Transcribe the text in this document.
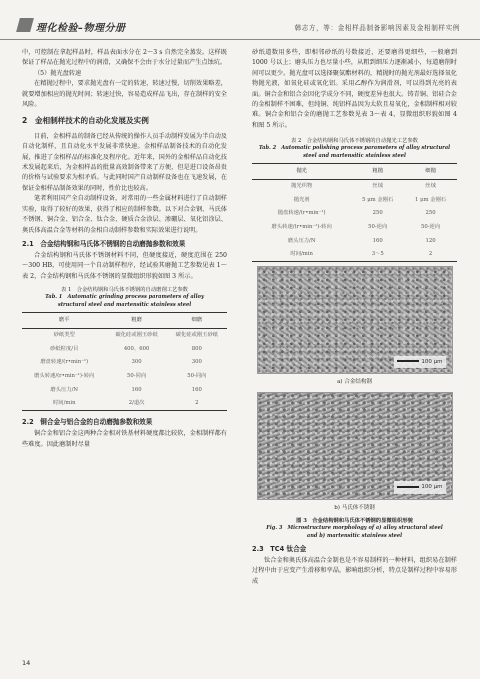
理化检验–物理分册	韩志方，等：金相样品制备影响因素及金相制样实例

中，可控制在拿起样品时，样品表面水分在 2～3 s 自然完全蒸发。这样既保证了样品在抛光过程中的润滑，又确保不会由于水分过量而产生点蚀坑。

（5）抛光盘转速

在精抛过程中，要求抛光盘有一定的转速，转速过慢，切削效果略差，就要增加相应的抛光时间；转速过快，容易造成样品飞出，存在制样的安全风险。

2　金相制样技术的自动化发展及实例

目前，金相样品的制备已经从传统的操作人员手动制样发展为半自动及自动化制样，且自动化水平发展非常快速。金相样品制备技术的自动化发展，推进了金相样品的标准化及程序化。近年来，国外的金相样品自动化技术发展起来后，为金相样品的批量高效制备带来了方便，但是进口设备昂贵的价格与试验要求为相矛盾。与此同时国产自动制样设备也在飞速发展，在保证金相样品制备效果的同时，性价比也较高。

笔者利用国产全自动制样设备，对常用的一些金属材料进行了自动制样实验，取得了较好的效果，获得了相应的制样参数。以下对合金钢、马氏体不锈钢、铜合金、铝合金、钛合金、硬质合金涂层、渗硼层、氧化铝涂层、奥氏体高温合金等材料的金相自动制样参数和实际效果进行说明。

2.1　合金结构钢和马氏体不锈钢的自动磨抛参数和效果

合金结构钢和马氏体不锈钢材料不同，但硬度接近，硬度范围在 250～300 HB，可使用同一个自动制样程序，经试验其磨抛工艺参数见表 1～表 2，合金结构钢和马氏体不锈钢的显微组织形貌如图 3 所示。

表 1　合金结构钢和马氏体不锈钢的自动磨削工艺参数
Tab. 1　Automatic grinding process parameters of alloy
structural steel and martensitic stainless steel
磨平	粗磨	细磨
砂纸类型	碳化硅或刚玉砂纸	碳化硅或刚玉砂纸
砂纸粒度/目	400、600	800
磨盘转速/(r•min⁻¹)	300	300
磨头转速/(r•min⁻¹)-转向	50-同向	50-同向
磨头压力/N	160	160
时间/min	2/道次	2
2.2　铜合金与铝合金的自动磨抛参数和效果

铜合金和铝合金这两种合金相对铁基材料硬度都比较软，金相制样都有些难度。因此磨制时尽量

砂纸道数用多些，即相邻砂纸的号数接近，还要磨得更细些，一般磨到 1000 号以上；磨头压力也尽量小些，从粗到细压力逐渐减小，每道磨削时间可以更少。抛光盘可以选择聚氨酯材料的，精抛时的抛光剂最好选择氧化物抛光液，如氧化硅或氧化铝。采用乙醇作为润滑剂，可以得到光亮的表面。铜合金和铝合金因化学成分不同，硬度差异也很大。铸青铜、铝硅合金的金相制样不困难，但纯铜、纯铝样品因为太软且易氧化，金相制样相对较难。铜合金和铝合金的磨抛工艺参数见表 3～表 4，显微组织形貌如图 4 和图 5 所示。

表 2　合金结构钢和马氏体不锈钢的自动抛光工艺参数
Tab. 2　Automatic polishing process parameters of alloy structural
steel and martensitic stainless steel
抛光	粗抛	细抛
抛光织物	丝绒	丝绒
抛光剂	5 μm 金刚石	1 μm 金刚石
抛盘转速/(r•min⁻¹)	250	250
磨头转速/(r•min⁻¹)-转向	50-逆向	50-逆向
磨头压力/N	160	120
时间/min	3～5	2
100 μm
a) 合金结构钢
100 μm
b) 马氏体不锈钢
图 3　合金结构钢和马氏体不锈钢的显微组织形貌
Fig. 3　Microstructure morphology of a) alloy structural steel
and b) martensitic stainless steel
2.3　TC4 钛合金

钛合金和奥氏体高温合金制也是不容易制样的一种材料，组织易在制样过程中由于应变产生滑移和孪晶，影响组织分析，特点是制样过程中容易形成

14
